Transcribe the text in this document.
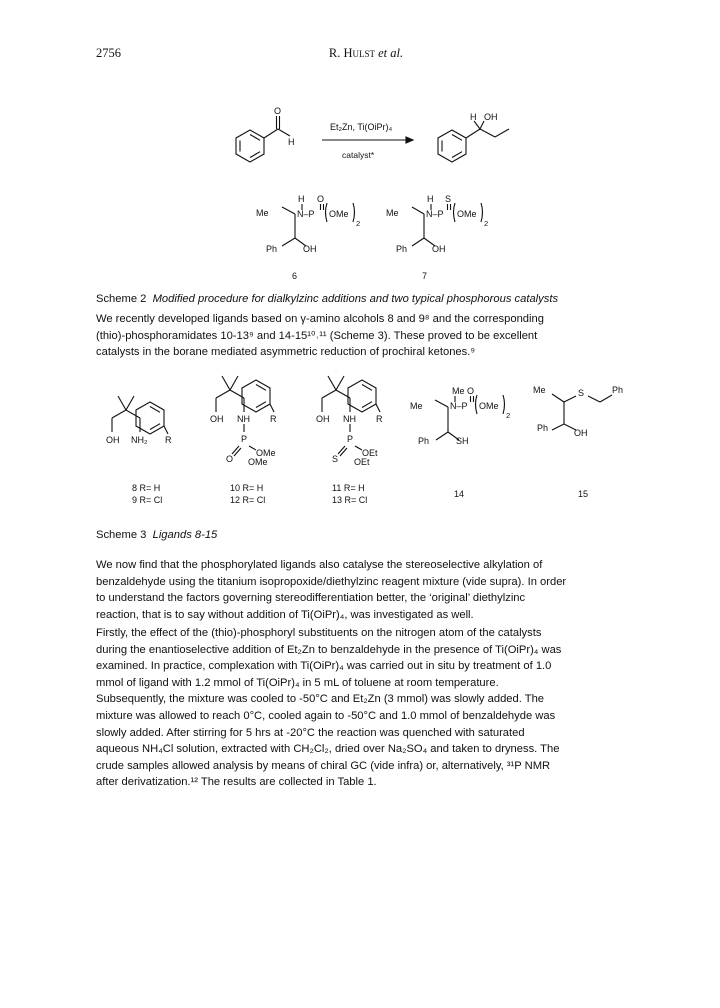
2756	R. Hulst et al.
O
H
Et₂Zn, Ti(OiPr)₄
catalyst*
H OH
H O
Me	N–P OMe
2
Ph	OH
6
H S
Me	N–P OMe
2
Ph	OH
7
OH NH₂ R
8 R= H
9 R= Cl
OH NH R
P
O
OMe
OMe
10 R= H
12 R= Cl
OH NH R
P
S
OEt
OEt
11 R= H
13 R= Cl
Me O
Me	N–P OMe
2
Ph	SH
14
Me	S	Ph
Ph	OH
15
Scheme 2 Modified procedure for dialkylzinc additions and two typical phosphorous catalysts

We recently developed ligands based on γ-amino alcohols 8 and 9⁸ and the corresponding

(thio)-phosphoramidates 10-13⁹ and 14-15¹⁰˒¹¹ (Scheme 3). These proved to be excellent

catalysts in the borane mediated asymmetric reduction of prochiral ketones.⁹

Scheme 3 Ligands 8-15

We now find that the phosphorylated ligands also catalyse the stereoselective alkylation of

benzaldehyde using the titanium isopropoxide/diethylzinc reagent mixture (vide supra). In order

to understand the factors governing stereodifferentiation better, the ‘original’ diethylzinc

reaction, that is to say without addition of Ti(OiPr)₄, was investigated as well.

Firstly, the effect of the (thio)-phosphoryl substituents on the nitrogen atom of the catalysts

during the enantioselective addition of Et₂Zn to benzaldehyde in the presence of Ti(OiPr)₄ was

examined. In practice, complexation with Ti(OiPr)₄ was carried out in situ by treatment of 1.0

mmol of ligand with 1.2 mmol of Ti(OiPr)₄ in 5 mL of toluene at room temperature.

Subsequently, the mixture was cooled to -50°C and Et₂Zn (3 mmol) was slowly added. The

mixture was allowed to reach 0°C, cooled again to -50°C and 1.0 mmol of benzaldehyde was

slowly added. After stirring for 5 hrs at -20°C the reaction was quenched with saturated

aqueous NH₄Cl solution, extracted with CH₂Cl₂, dried over Na₂SO₄ and taken to dryness. The

crude samples allowed analysis by means of chiral GC (vide infra) or, alternatively, ³¹P NMR

after derivatization.¹² The results are collected in Table 1.
